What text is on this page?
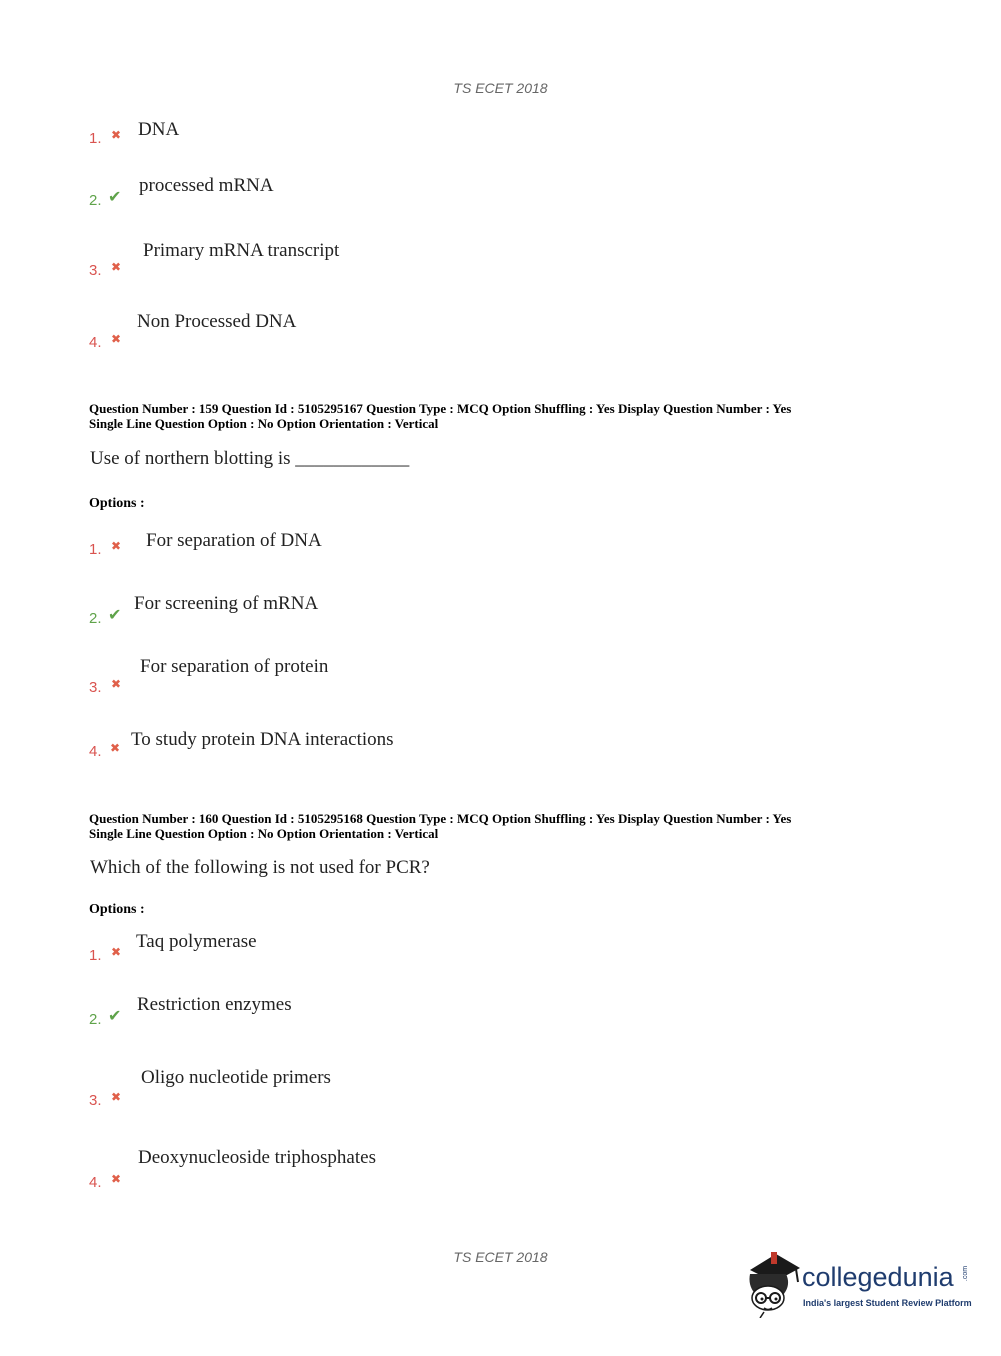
TS ECET 2018
1. ✖ DNA
2. ✔
processed mRNA
3. ✖
Primary mRNA transcript
4. ✖
Non Processed DNA
Question Number : 159 Question Id : 5105295167 Question Type : MCQ Option Shuffling : Yes Display Question Number : Yes
Single Line Question Option : No Option Orientation : Vertical
Use of northern blotting is ____________
Options :
1. ✖ For separation of DNA
2. ✔
For screening of mRNA
3. ✖
For separation of protein
4. ✖ To study protein DNA interactions
Question Number : 160 Question Id : 5105295168 Question Type : MCQ Option Shuffling : Yes Display Question Number : Yes
Single Line Question Option : No Option Orientation : Vertical
Which of the following is not used for PCR?
Options :
1. ✖ Taq polymerase
2. ✔
Restriction enzymes
3. ✖
Oligo nucleotide primers
4. ✖
Deoxynucleoside triphosphates
TS ECET 2018
collegedunia .com
India's largest Student Review Platform
